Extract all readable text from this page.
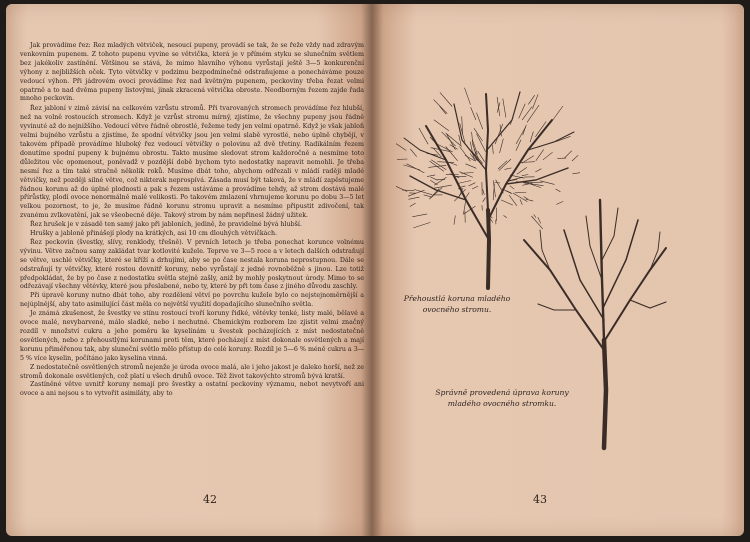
Jak provádíme řez: Řez mladých větviček, nesoucí pupeny, provádí se tak, že se řeže vždy nad zdravým venkovním pupenem. Z tohoto pupenu vyvine se větvička, která je v přímém styku se slunečním světlem bez jakékoliv zastínění. Většinou se stává, že mimo hlavního výhonu vyrůstají ještě 3—5 konkurenční výhony z nejbližších oček. Tyto větvičky v podzimu bezpodmínečně odstraňujeme a ponecháváme pouze vedoucí výhon. Při jádrovém ovoci provádíme řez nad květným pupenem, peckoviny třeba řezat velmi opatrně a to nad dvěma pupeny listovými, jinak zkracená větvička obroste. Neodborným řezem zajde řada mnoho peckovin.

Řez jabloní v zimě závisí na celkovém vzrůstu stromů. Při tvarovaných stromech provádíme řez hlubší, než na volně rostoucích stromech. Když je vzrůst stromu mírný, zjistíme, že všechny pupeny jsou řádně vyvinuté až do nejnižšího. Vedoucí větve řádně obrostlé, řežeme tedy jen velmi opatrně. Když je však jabloň velmi bujného vzrůstu a zjistíme, že spodní větvičky jsou jen velmi slabě vyrostlé, nebo úplně chybějí, v takovém případě provádíme hluboký řez vedoucí větvičky o polovinu až dvě třetiny. Radikálním řezem donutíme spodní pupeny k bujnému obrostu. Takto musíme sledovat strom každoročně a nesmíme toto důležitou věc opomenout, poněvadž v pozdější době bychom tyto nedostatky napravit nemohli. Je třeba nesmí řez a tím také stračně několik roků. Musíme dbát toho, abychom odřezali v mládí raději mladé větvičky, než později silné větve, což nikterak neprospívá. Zásada musí být taková, že v mládí zapěstujeme řádnou korunu až do úplné plodnosti a pak s řezem ustáváme a provádíme tehdy, až strom dostává malé přírůstky, plodí ovoce nenormálně malé velikosti. Po takovém zmlazení vhrnujeme korunu po dobu 3—5 let velkou pozornost, to je, že musíme řádně korunu stromu upravit a nesmíme připustit zdivočení, tak zvanému zvlkovatění, jak se všeobecně děje. Takový strom by nám nepřinesl žádný užitek.

Řez hrušek je v zásadě ten samý jako při jabloních, jedině, že pravidelné bývá hlubší.

Hrušky a jabloně přinášejí plody na krátkých, asi 10 cm dlouhých větvičkách.

Řez peckovin (švestky, slívy, renklody, třešně). V prvních letech je třeba ponechat korunce volnému vývinu. Větve začnou samy zakládat tvar kotlovité kužele. Teprve ve 3—5 roce a v letech dalších odstraňují se větve, uschlé větvičky, které se kříží a drhujími, aby se po čase nestala koruna neprostupnou. Dále se odstraňují ty větvičky, které rostou dovnitř koruny, nebo vyrůstají z jedné rovnoběžně s jinou. Lze totiž předpokládat, že by po čase z nedostatku světla stejně zašly, aniž by mohly poskytnout úrody. Mimo to se odřezávají všechny větévky, které jsou přeslabené, nebo ty, které by při tom čase z jiného důvodu zaschly.

Při úpravě koruny nutno dbát toho, aby rozdělení větví po povrchu kužele bylo co nejstejnoměrnější a nejúplnější, aby tato asimilující část měla co největší využití dopadajícího slunečního světla.

Je známá zkušenost, že švestky ve stínu rostoucí tvoří koruny řidké, větévky tenké, listy malé, bělavé a ovoce malé, nevybarvené, málo sladké, nebo i nechutné. Chemickým rozborem lze zjistit velmi značný rozdíl v množství cukru a jeho poměru ke kyselinám u švestek pocházejících z míst nedostatečně osvětlených, nebo z přehoustlými korunami proti těm, které pocházejí z míst dokonale osvětlených a mají korunu přiměřenou tak, aby sluneční světlo mělo přístup do celé koruny. Rozdíl je 5—6 % méně cukru a 3—5 % více kyselin, počítáno jako kyselina vinná.

Z nedostatečně osvětlených stromů nejenže je úroda ovoce malá, ale i jeho jakost je daleko horší, než ze stromů dokonale osvětlených, což platí u všech druhů ovoce. Též život takovýchto stromů bývá kratší.

Zastíněné větve uvnitř koruny nemají pro švestky a ostatní peckoviny významu, nebot nevytvoří ani ovoce a ani nejsou s to vytvořit asimiláty, aby to

42
Přehoustlá koruna mladého
ovocného stromu.
Správně provedená úprava koruny
mladého ovocného stromku.
43
